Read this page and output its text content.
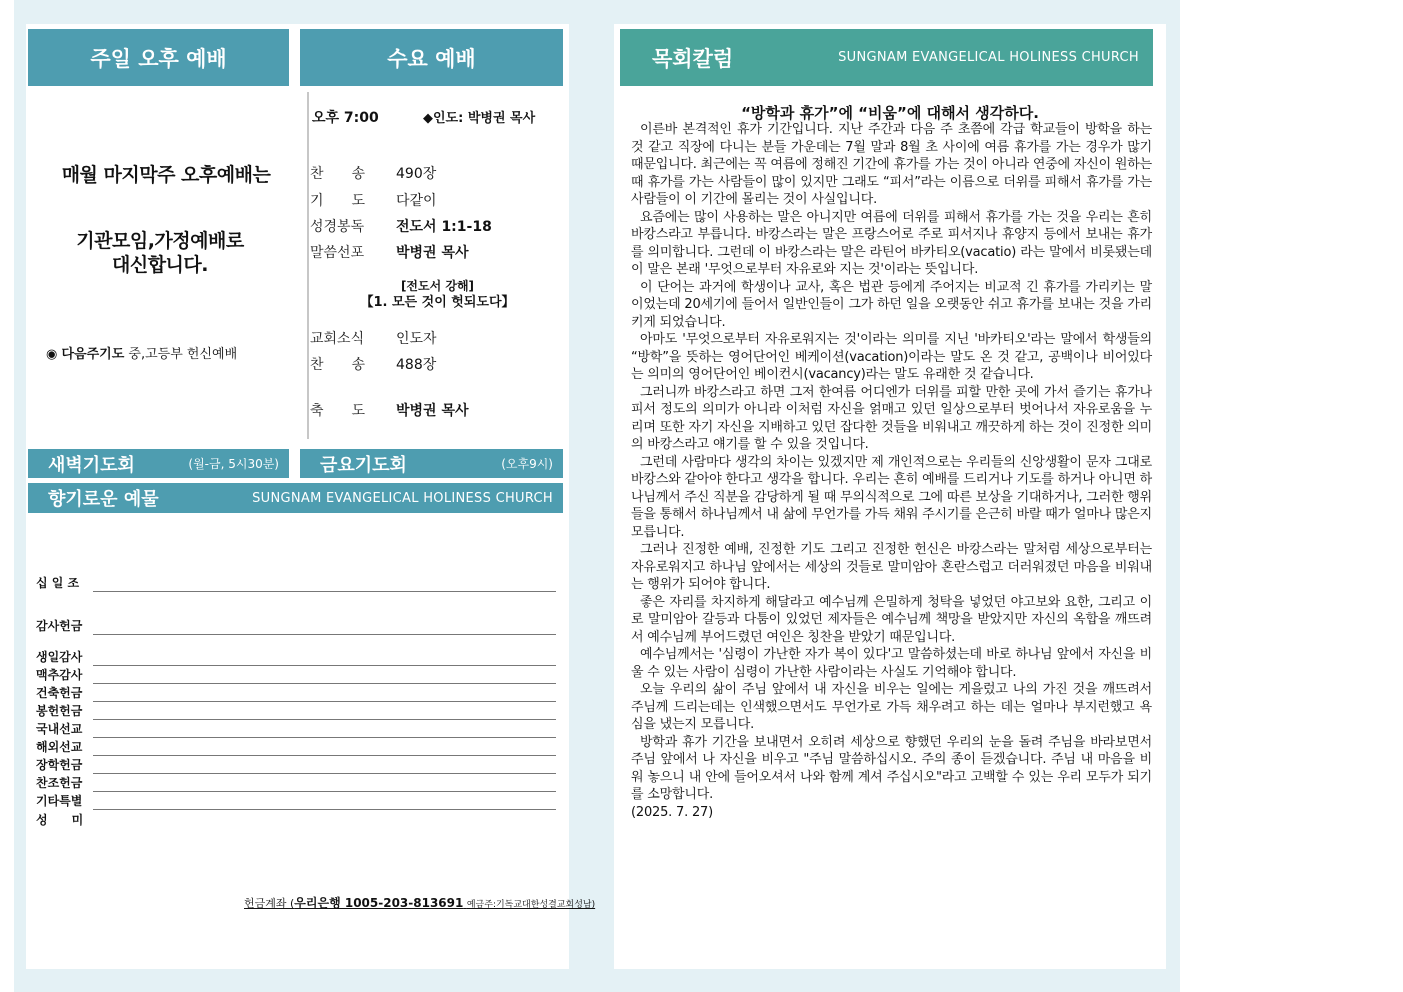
주일 오후 예배	수요 예배
매월 마지막주 오후예배는
기관모임,가정예배로
대신합니다.
◉ 다음주기도 중,고등부 헌신예배
오후 7:00	◆인도: 박병권 목사
찬　　송 490장
기　　도 다같이
성경봉독 전도서 1:1-18
말씀선포 박병권 목사
[전도서 강해]
【1. 모든 것이 헛되도다】
교회소식 인도자
찬　　송 488장
축　　도 박병권 목사
새벽기도회	(월-금, 5시30분) 금요기도회	(오후9시)
향기로운 예물	SUNGNAM EVANGELICAL HOLINESS CHURCH
십 일 조
감사헌금
생일감사
맥추감사
건축헌금
봉헌헌금
국내선교
해외선교
장학헌금
찬조헌금
기타특별
성　　미
헌금계좌 (우리은행 1005-203-813691 예금주:기독교대한성결교회성남)
목회칼럼	SUNGNAM EVANGELICAL HOLINESS CHURCH
“방학과 휴가”에 “비움”에 대해서 생각하다.

이른바 본격적인 휴가 기간입니다. 지난 주간과 다음 주 초쯤에 각급 학교들이 방학을 하는 것 같고 직장에 다니는 분들 가운데는 7월 말과 8월 초 사이에 여름 휴가를 가는 경우가 많기 때문입니다. 최근에는 꼭 여름에 정해진 기간에 휴가를 가는 것이 아니라 연중에 자신이 원하는 때 휴가를 가는 사람들이 많이 있지만 그래도 “피서”라는 이름으로 더위를 피해서 휴가를 가는 사람들이 이 기간에 몰리는 것이 사실입니다.

요즘에는 많이 사용하는 말은 아니지만 여름에 더위를 피해서 휴가를 가는 것을 우리는 흔히 바캉스라고 부릅니다. 바캉스라는 말은 프랑스어로 주로 피서지나 휴양지 등에서 보내는 휴가를 의미합니다. 그런데 이 바캉스라는 말은 라틴어 바카티오(vacatio) 라는 말에서 비롯됐는데 이 말은 본래 '무엇으로부터 자유로와 지는 것'이라는 뜻입니다.

이 단어는 과거에 학생이나 교사, 혹은 법관 등에게 주어지는 비교적 긴 휴가를 가리키는 말이었는데 20세기에 들어서 일반인들이 그가 하던 일을 오랫동안 쉬고 휴가를 보내는 것을 가리키게 되었습니다.

아마도 '무엇으로부터 자유로워지는 것'이라는 의미를 지닌 '바카티오'라는 말에서 학생들의 “방학”을 뜻하는 영어단어인 베케이션(vacation)이라는 말도 온 것 같고, 공백이나 비어있다는 의미의 영어단어인 베이컨시(vacancy)라는 말도 유래한 것 같습니다.

그러니까 바캉스라고 하면 그저 한여름 어디엔가 더위를 피할 만한 곳에 가서 즐기는 휴가나 피서 정도의 의미가 아니라 이처럼 자신을 얽매고 있던 일상으로부터 벗어나서 자유로움을 누리며 또한 자기 자신을 지배하고 있던 잡다한 것들을 비워내고 깨끗하게 하는 것이 진정한 의미의 바캉스라고 얘기를 할 수 있을 것입니다.

그런데 사람마다 생각의 차이는 있겠지만 제 개인적으로는 우리들의 신앙생활이 문자 그대로 바캉스와 같아야 한다고 생각을 합니다. 우리는 흔히 예배를 드리거나 기도를 하거나 아니면 하나님께서 주신 직분을 감당하게 될 때 무의식적으로 그에 따른 보상을 기대하거나, 그러한 행위들을 통해서 하나님께서 내 삶에 무언가를 가득 채워 주시기를 은근히 바랄 때가 얼마나 많은지 모릅니다.

그러나 진정한 예배, 진정한 기도 그리고 진정한 헌신은 바캉스라는 말처럼 세상으로부터는 자유로워지고 하나님 앞에서는 세상의 것들로 말미암아 혼란스럽고 더러워졌던 마음을 비워내는 행위가 되어야 합니다.

좋은 자리를 차지하게 해달라고 예수님께 은밀하게 청탁을 넣었던 야고보와 요한, 그리고 이로 말미암아 갈등과 다툼이 있었던 제자들은 예수님께 책망을 받았지만 자신의 옥합을 깨뜨려서 예수님께 부어드렸던 여인은 칭찬을 받았기 때문입니다.

예수님께서는 '심령이 가난한 자가 복이 있다'고 말씀하셨는데 바로 하나님 앞에서 자신을 비울 수 있는 사람이 심령이 가난한 사람이라는 사실도 기억해야 합니다.

오늘 우리의 삶이 주님 앞에서 내 자신을 비우는 일에는 게을렀고 나의 가진 것을 깨뜨려서 주님께 드리는데는 인색했으면서도 무언가로 가득 채우려고 하는 데는 얼마나 부지런했고 욕심을 냈는지 모릅니다.

방학과 휴가 기간을 보내면서 오히려 세상으로 향했던 우리의 눈을 돌려 주님을 바라보면서 주님 앞에서 나 자신을 비우고 "주님 말씀하십시오. 주의 종이 듣겠습니다. 주님 내 마음을 비워 놓으니 내 안에 들어오셔서 나와 함께 계셔 주십시오"라고 고백할 수 있는 우리 모두가 되기를 소망합니다.

(2025. 7. 27)
